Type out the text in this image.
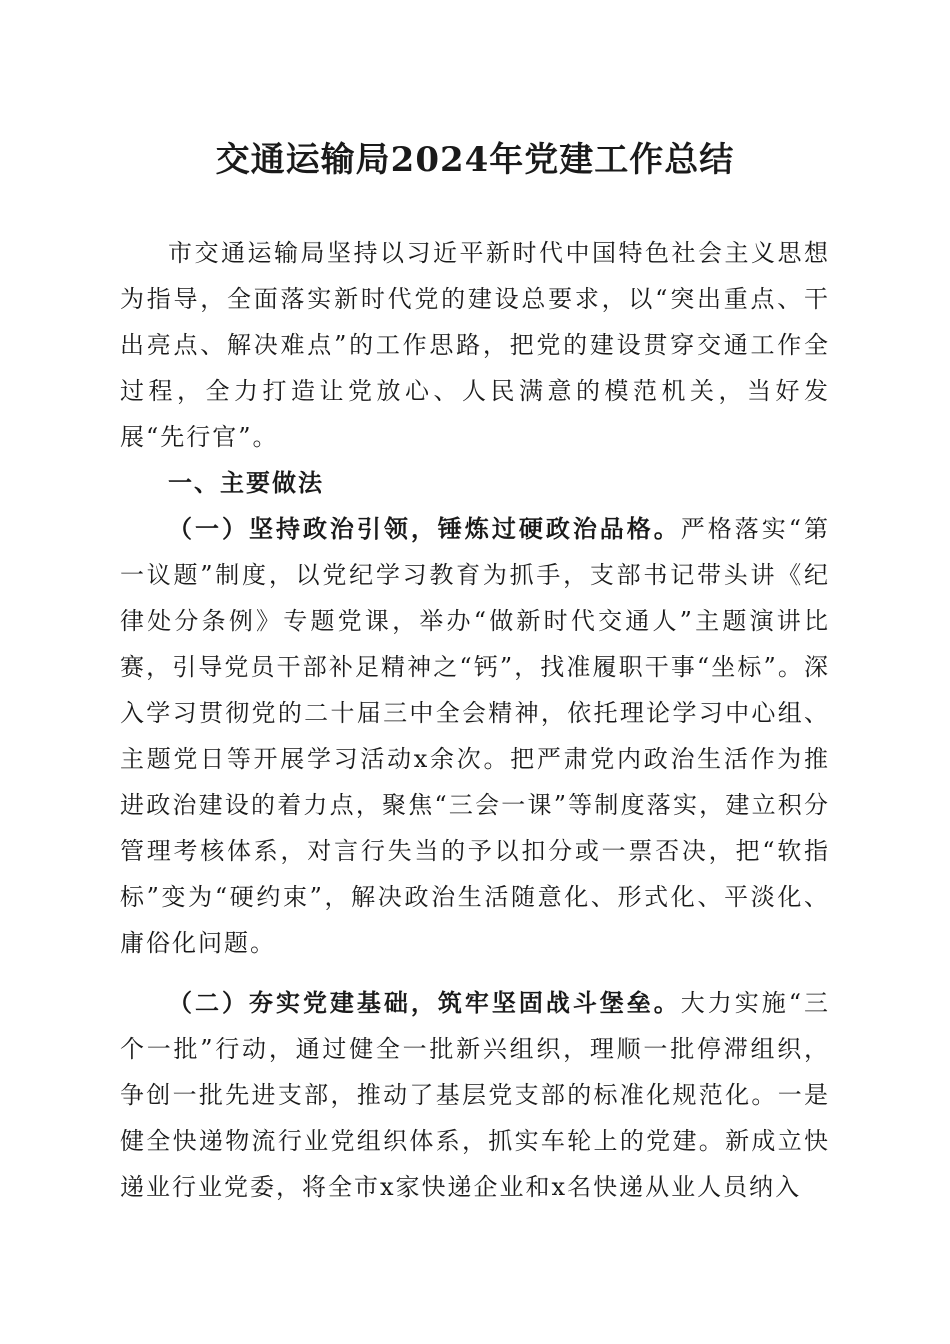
交通运输局2024年党建工作总结

市交通运输局坚持以习近平新时代中国特色社会主义思想为指导，全面落实新时代党的建设总要求，以“突出重点、干出亮点、解决难点”的工作思路，把党的建设贯穿交通工作全过程，全力打造让党放心、人民满意的模范机关，当好发展“先行官”。

一、主要做法

（一）坚持政治引领，锤炼过硬政治品格。严格落实“第一议题”制度，以党纪学习教育为抓手，支部书记带头讲《纪律处分条例》专题党课，举办“做新时代交通人”主题演讲比赛，引导党员干部补足精神之“钙”，找准履职干事“坐标”。深入学习贯彻党的二十届三中全会精神，依托理论学习中心组、主题党日等开展学习活动x余次。把严肃党内政治生活作为推进政治建设的着力点，聚焦“三会一课”等制度落实，建立积分管理考核体系，对言行失当的予以扣分或一票否决，把“软指标”变为“硬约束”，解决政治生活随意化、形式化、平淡化、庸俗化问题。

（二）夯实党建基础，筑牢坚固战斗堡垒。大力实施“三个一批”行动，通过健全一批新兴组织，理顺一批停滞组织，争创一批先进支部，推动了基层党支部的标准化规范化。一是健全快递物流行业党组织体系，抓实车轮上的党建。新成立快递业行业党委，将全市x家快递企业和x名快递从业人员纳入
